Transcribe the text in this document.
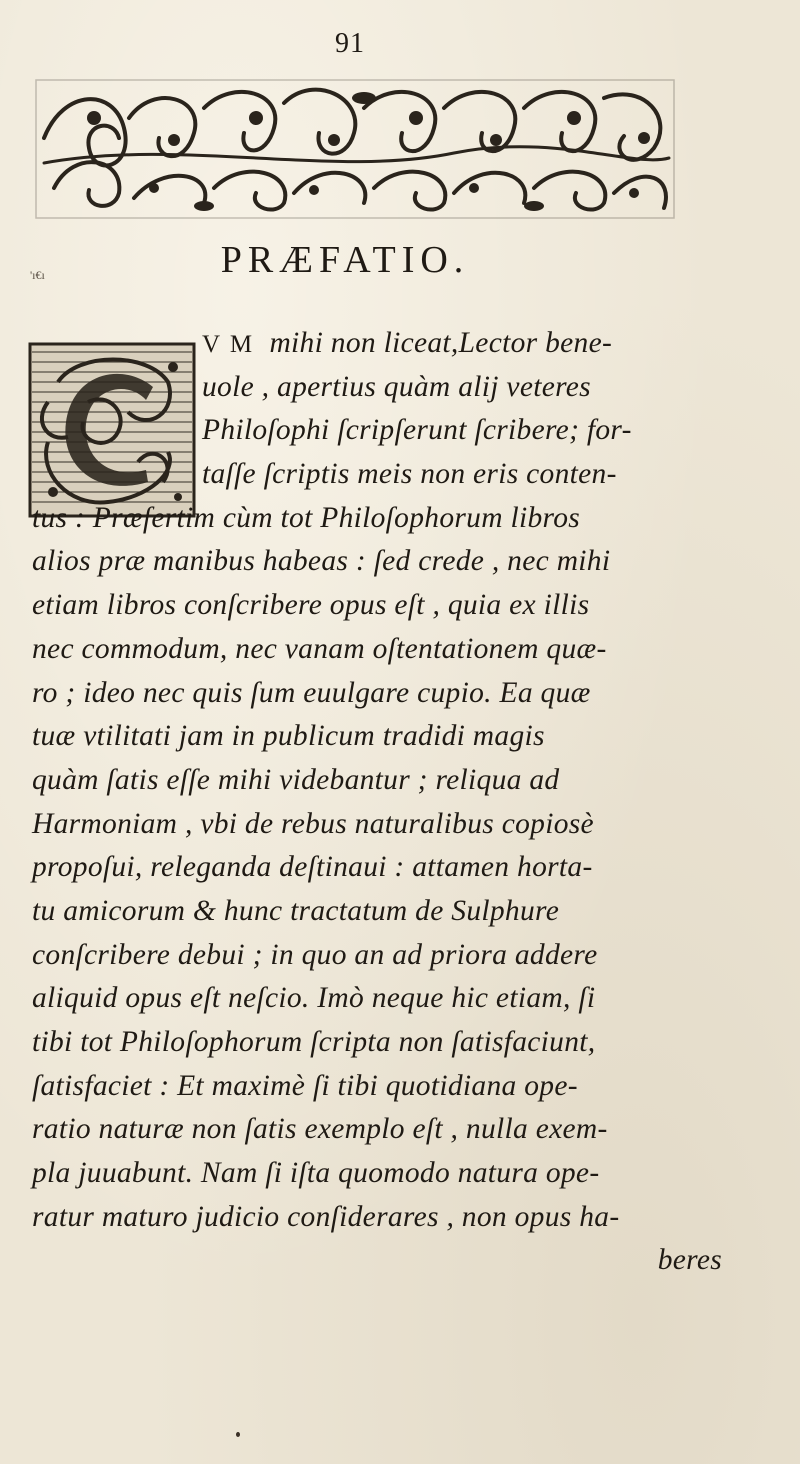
91
'ı€ı	PRÆFATIO.
V M mihi non liceat,Lector bene-
uole , apertius quàm alij veteres
Philoſophi ſcripſerunt ſcribere; for-
taſſe ſcriptis meis non eris conten-
tus : Præſertim cùm tot Philoſophorum libros
alios præ manibus habeas : ſed crede , nec mihi
etiam libros conſcribere opus eſt , quia ex illis
nec commodum, nec vanam oſtentationem quæ-
ro ; ideo nec quis ſum euulgare cupio. Ea quæ
tuæ vtilitati jam in publicum tradidi magis
quàm ſatis eſſe mihi videbantur ; reliqua ad
Harmoniam , vbi de rebus naturalibus copiosè
propoſui, releganda deſtinaui : attamen horta-
tu amicorum & hunc tractatum de Sulphure
conſcribere debui ; in quo an ad priora addere
aliquid opus eſt neſcio. Imò neque hic etiam, ſi
tibi tot Philoſophorum ſcripta non ſatisfaciunt,
ſatisfaciet : Et maximè ſi tibi quotidiana ope-
ratio naturæ non ſatis exemplo eſt , nulla exem-
pla juuabunt. Nam ſi iſta quomodo natura ope-
ratur maturo judicio conſiderares , non opus ha-
beres
